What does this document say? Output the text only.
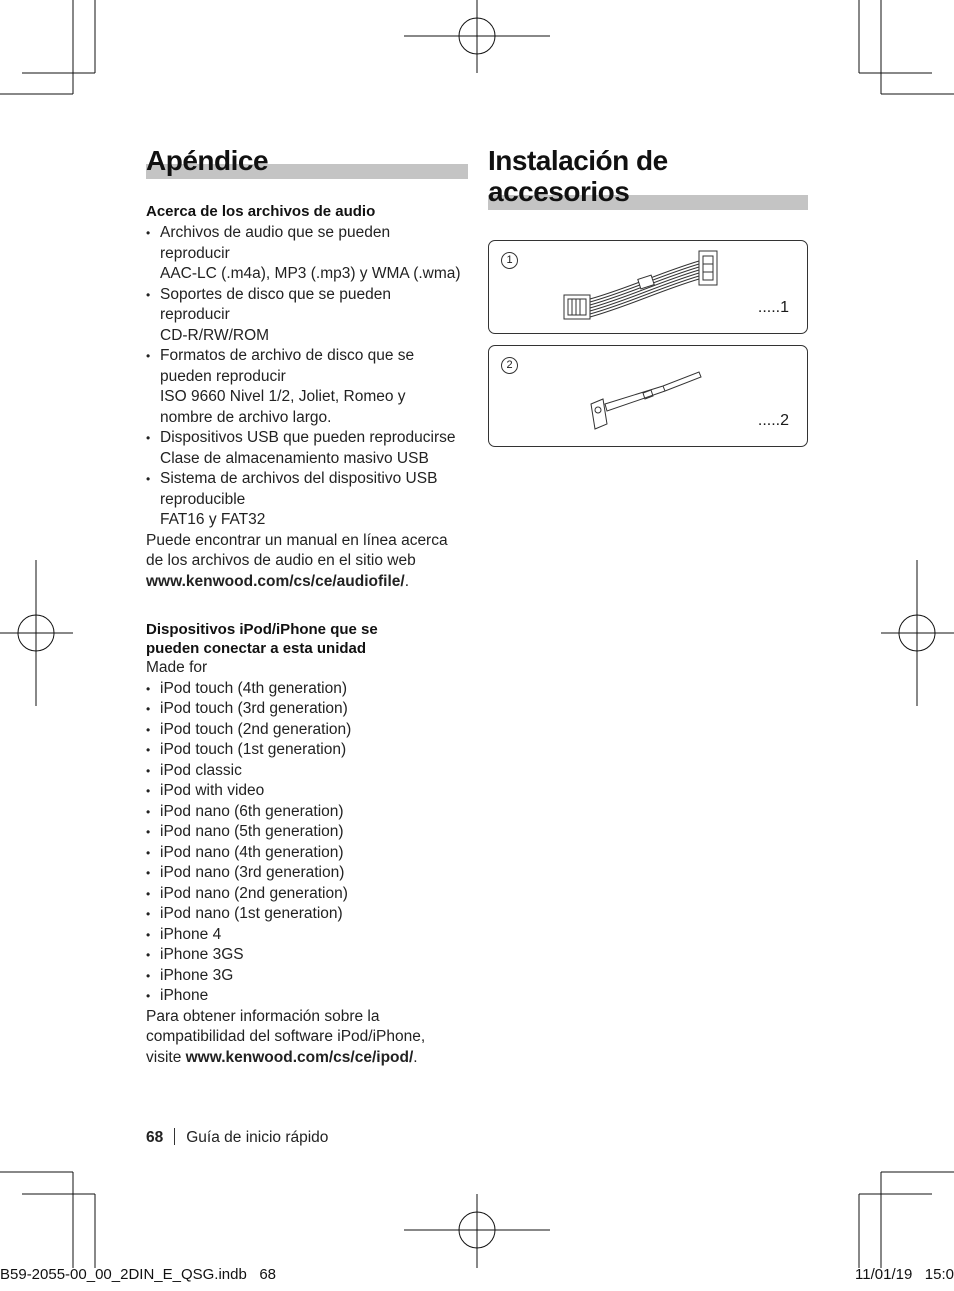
Apéndice

Acerca de los archivos de audio

• Archivos de audio que se pueden
reproducir
AAC-LC (.m4a), MP3 (.mp3) y WMA (.wma)
• Soportes de disco que se pueden
reproducir
CD-R/RW/ROM
• Formatos de archivo de disco que se
pueden reproducir
ISO 9660 Nivel 1/2, Joliet, Romeo y
nombre de archivo largo.
• Dispositivos USB que pueden reproducirse
Clase de almacenamiento masivo USB
• Sistema de archivos del dispositivo USB
reproducible
FAT16 y FAT32
Puede encontrar un manual en línea acerca
de los archivos de audio en el sitio web
www.kenwood.com/cs/ce/audiofile/.

Dispositivos iPod/iPhone que se
pueden conectar a esta unidad

Made for
• iPod touch (4th generation)
• iPod touch (3rd generation)
• iPod touch (2nd generation)
• iPod touch (1st generation)
• iPod classic
• iPod with video
• iPod nano (6th generation)
• iPod nano (5th generation)
• iPod nano (4th generation)
• iPod nano (3rd generation)
• iPod nano (2nd generation)
• iPod nano (1st generation)
• iPhone 4
• iPhone 3GS
• iPhone 3G
• iPhone
Para obtener información sobre la
compatibilidad del software iPod/iPhone,
visite www.kenwood.com/cs/ce/ipod/.
Instalación de
accesorios
1
.....1
2
.....2
68 Guía de inicio rápido
B59-2055-00_00_2DIN_E_QSG.indb   68	11/01/19   15:0
